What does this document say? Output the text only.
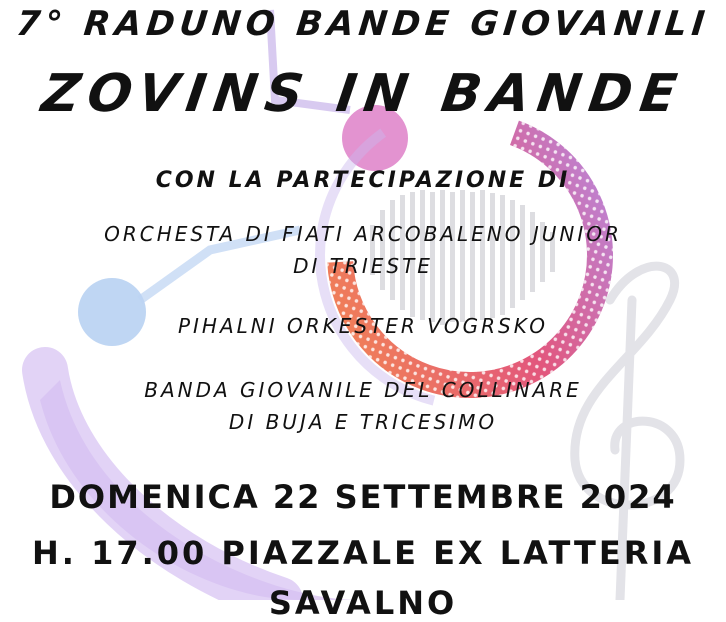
7° RADUNO BANDE GIOVANILI
ZOVINS IN BANDE
CON LA PARTECIPAZIONE DI
ORCHESTA DI FIATI ARCOBALENO JUNIOR
DI TRIESTE
PIHALNI ORKESTER VOGRSKO
BANDA GIOVANILE DEL COLLINARE
DI BUJA E TRICESIMO
DOMENICA 22 SETTEMBRE 2024
H. 17.00 PIAZZALE EX LATTERIA
SAVALNO
